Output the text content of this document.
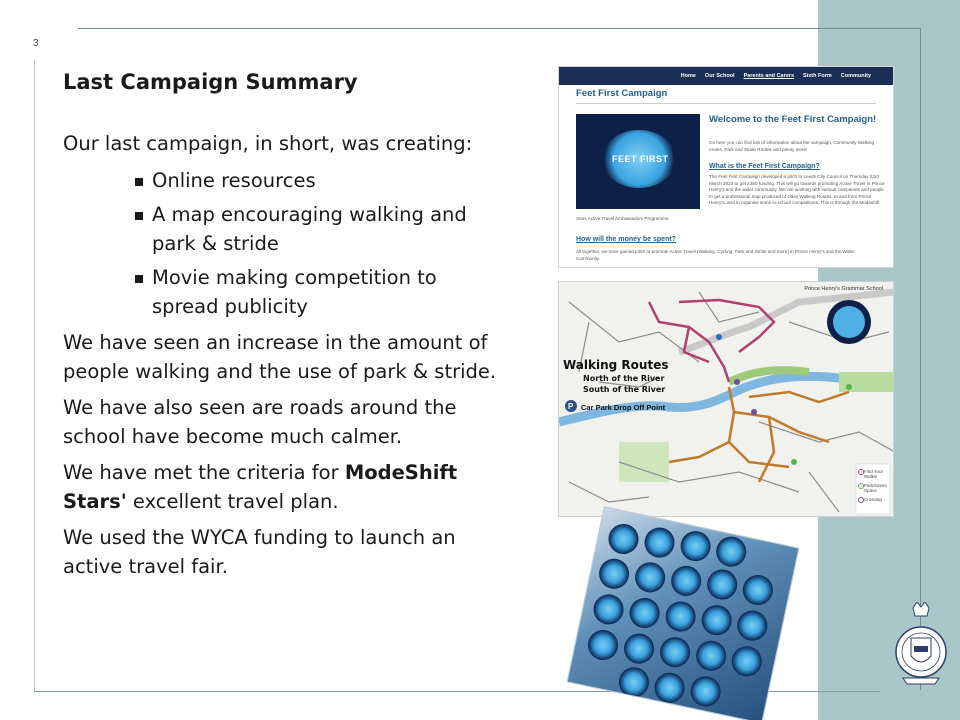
3
Last Campaign Summary

Our last campaign, in short, was creating:

Online resources
A map encouraging walking and park & stride
Movie making competition to spread publicity

We have seen an increase in the amount of people walking and the use of park & stride.

We have also seen are roads around the school have become much calmer.

We have met the criteria for ModeShift Stars' excellent travel plan.

We used the WYCA funding to launch an active travel fair.

Home Our School Parents and Carers Sixth Form Community
Feet First Campaign
FEET FIRST
Welcome to the Feet First Campaign!
On here you can find lots of information about the campaign, Community Walking routes, Park and Stride Routes and plenty more!
What is the Feet First Campaign?
The Feet First Campaign developed a pitch to Leeds City Council on Thursday 23rd March 2023 to get £350 funding. This will go towards promoting Active Travel in Prince Henry's and the wider community. We are working with various companies and people to get a professional map produced of Otley Walking Routes, to and from Prince Henry's, and to organise some in-school competitions. This is through the Modeshift
Stars Active Travel Ambassadors Programme.
How will the money be spent?
All together, we have gained £350 to promote Active Travel (Walking, Cycling, Park and Stride and more) in Prince Henry's and the Wider Community.
P
Prince Henry's Grammar School
Walking Routes
North of the River
South of the River
Car Park Drop Off Point
Find Your Walks!
Park/Green Space
Crossing
